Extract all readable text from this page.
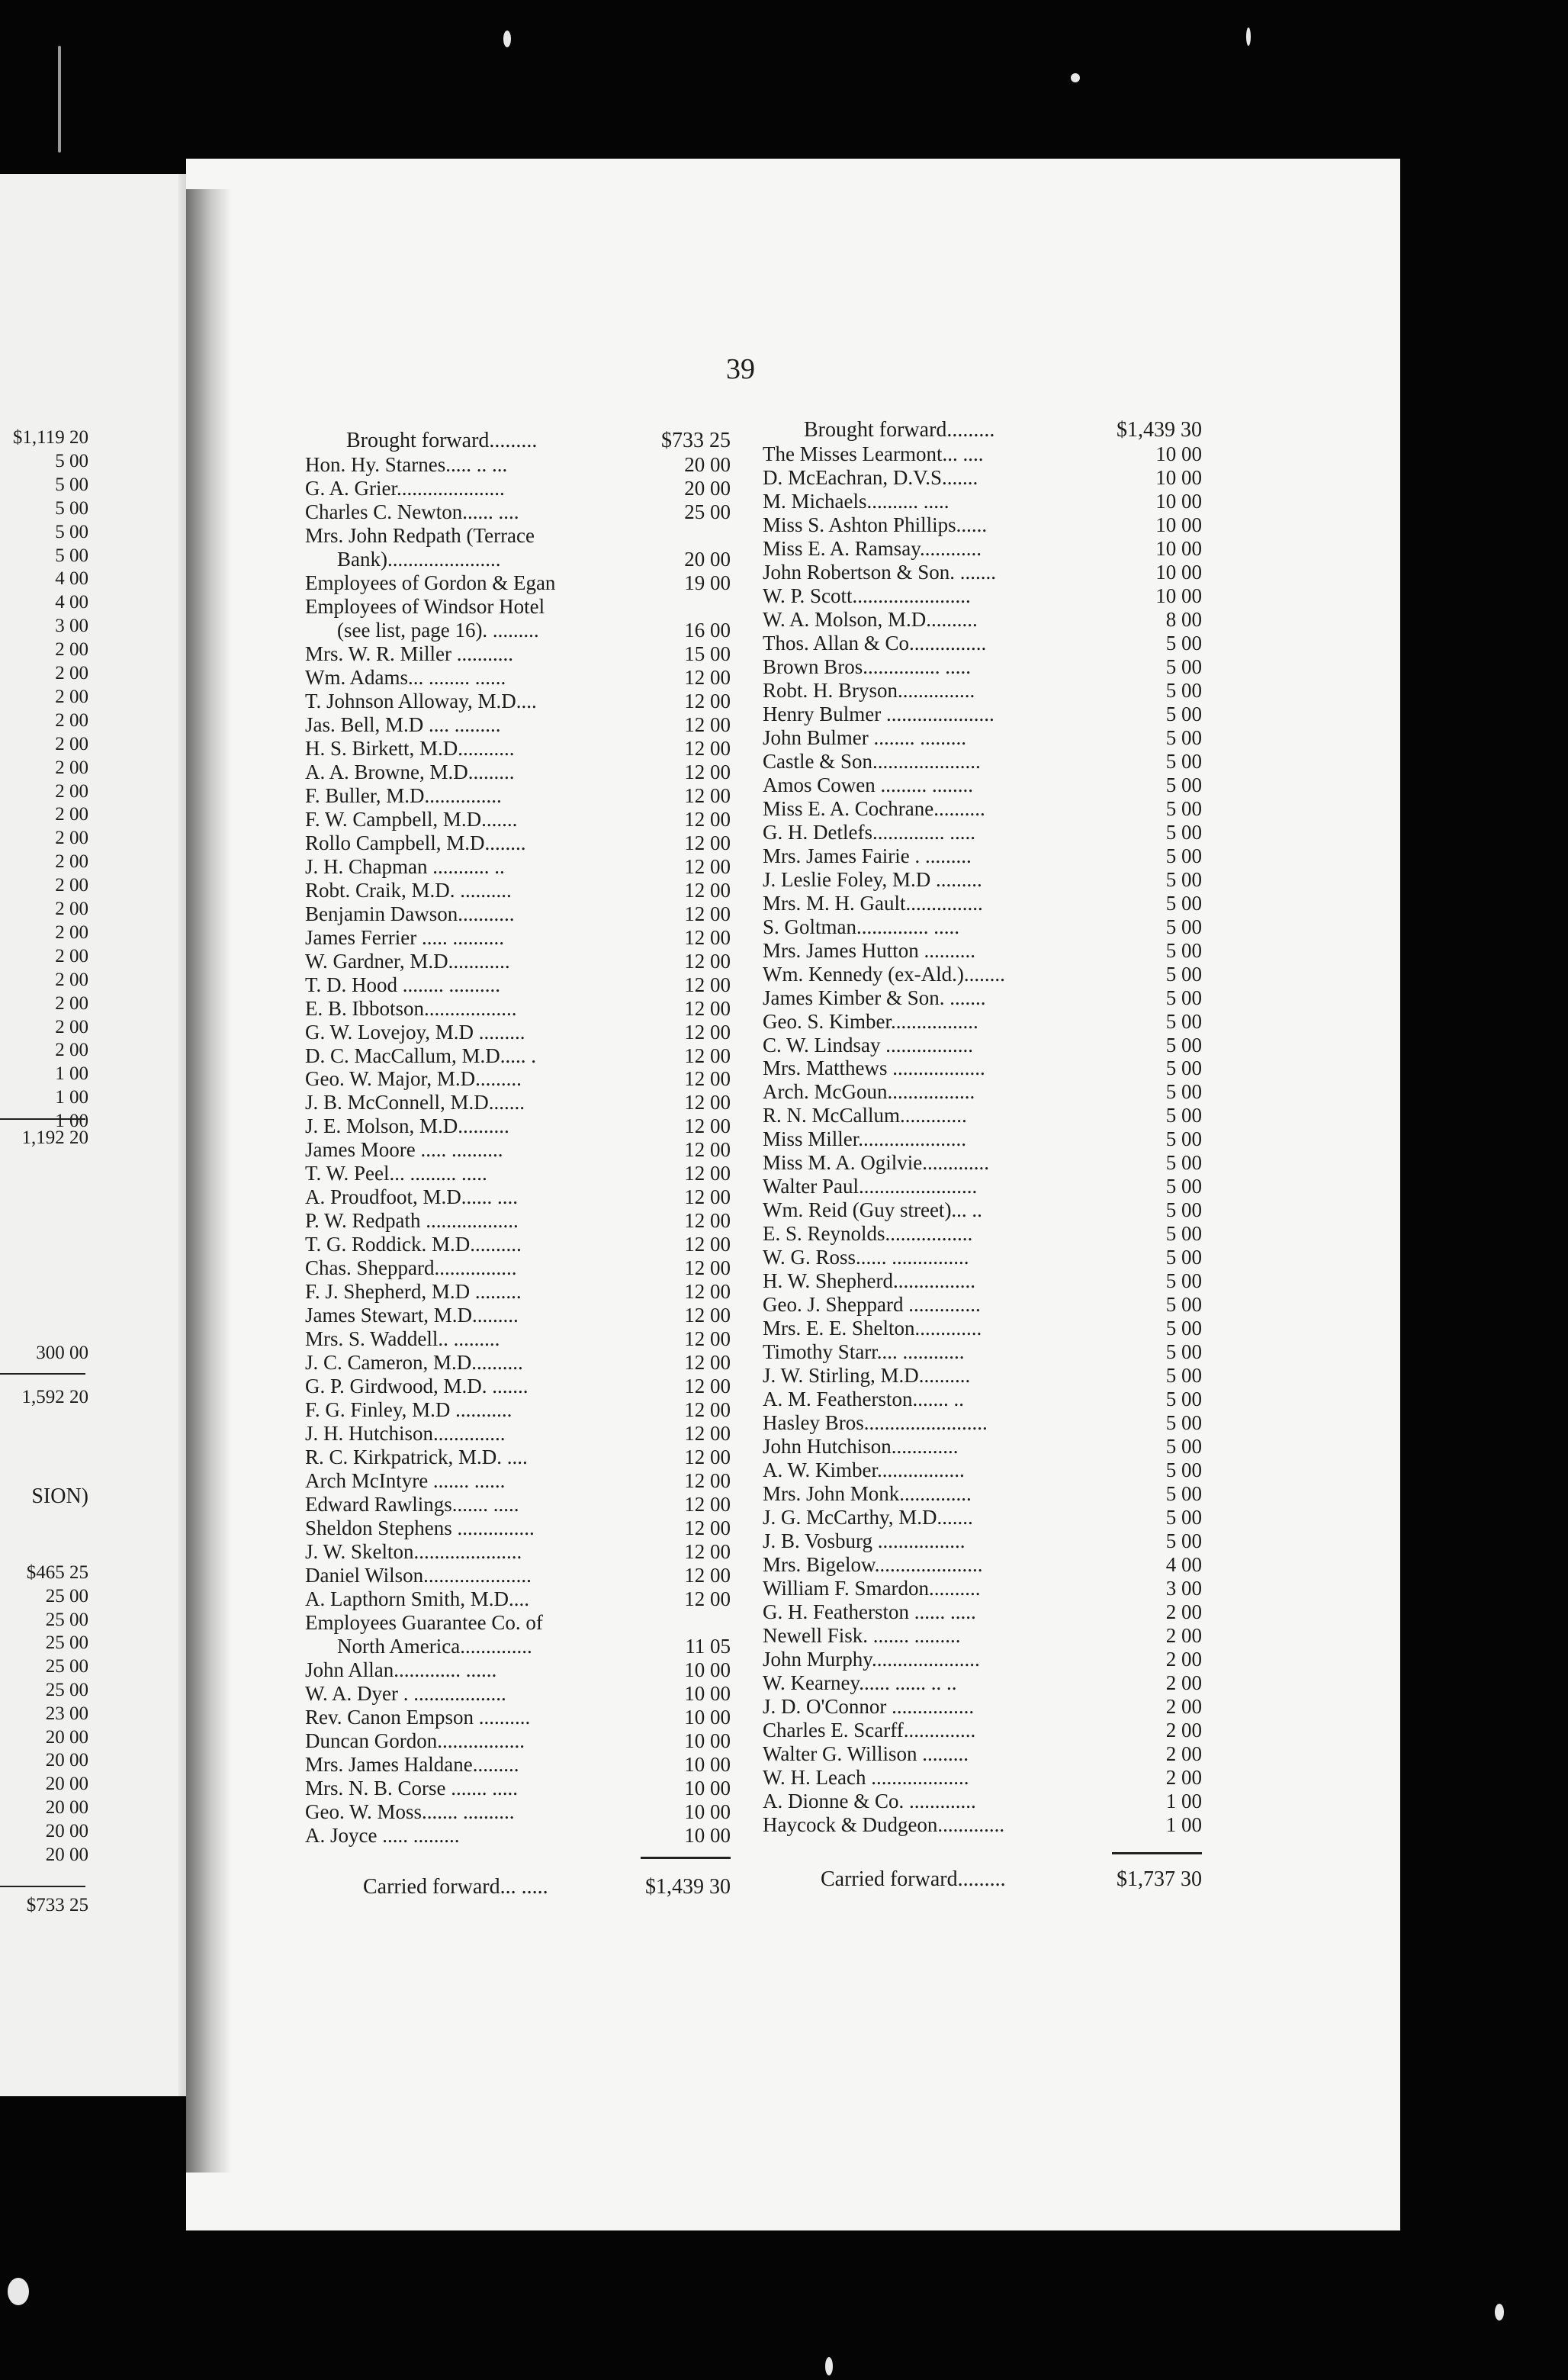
$1,119 20
5 00
5 00
5 00
5 00
5 00
4 00
4 00
3 00
2 00
2 00
2 00
2 00
2 00
2 00
2 00
2 00
2 00
2 00
2 00
2 00
2 00
2 00
2 00
2 00
2 00
2 00
1 00
1 00
1 00
1,192 20
300 00
1,592 20
SION)
$465 25
25 00
25 00
25 00
25 00
25 00
23 00
20 00
20 00
20 00
20 00
20 00
20 00
$733 25
39
Brought forward.........	$733 25
Hon. Hy. Starnes..... .. ...	20 00
G. A. Grier.....................	20 00
Charles C. Newton...... ....	25 00
Mrs. John Redpath (Terrace
Bank)......................	20 00
Employees of Gordon & Egan	19 00
Employees of Windsor Hotel
(see list, page 16). .........	16 00
Mrs. W. R. Miller ...........	15 00
Wm. Adams... ........ ......	12 00
T. Johnson Alloway, M.D....	12 00
Jas. Bell, M.D .... .........	12 00
H. S. Birkett, M.D...........	12 00
A. A. Browne, M.D.........	12 00
F. Buller, M.D...............	12 00
F. W. Campbell, M.D.......	12 00
Rollo Campbell, M.D........	12 00
J. H. Chapman ........... ..	12 00
Robt. Craik, M.D. ..........	12 00
Benjamin Dawson...........	12 00
James Ferrier ..... ..........	12 00
W. Gardner, M.D............	12 00
T. D. Hood ........ ..........	12 00
E. B. Ibbotson..................	12 00
G. W. Lovejoy, M.D .........	12 00
D. C. MacCallum, M.D..... .	12 00
Geo. W. Major, M.D.........	12 00
J. B. McConnell, M.D.......	12 00
J. E. Molson, M.D..........	12 00
James Moore ..... ..........	12 00
T. W. Peel... ......... .....	12 00
A. Proudfoot, M.D...... ....	12 00
P. W. Redpath ..................	12 00
T. G. Roddick. M.D..........	12 00
Chas. Sheppard................	12 00
F. J. Shepherd, M.D .........	12 00
James Stewart, M.D.........	12 00
Mrs. S. Waddell.. .........	12 00
J. C. Cameron, M.D..........	12 00
G. P. Girdwood, M.D. .......	12 00
F. G. Finley, M.D ...........	12 00
J. H. Hutchison..............	12 00
R. C. Kirkpatrick, M.D. ....	12 00
Arch McIntyre ....... ......	12 00
Edward Rawlings....... .....	12 00
Sheldon Stephens ...............	12 00
J. W. Skelton.....................	12 00
Daniel Wilson.....................	12 00
A. Lapthorn Smith, M.D....	12 00
Employees Guarantee Co. of
North America..............	11 05
John Allan............. ......	10 00
W. A. Dyer . ..................	10 00
Rev. Canon Empson ..........	10 00
Duncan Gordon.................	10 00
Mrs. James Haldane.........	10 00
Mrs. N. B. Corse ....... .....	10 00
Geo. W. Moss....... ..........	10 00
A. Joyce ..... .........	10 00
Carried forward... .....	$1,439 30
Brought forward.........	$1,439 30
The Misses Learmont... ....	10 00
D. McEachran, D.V.S.......	10 00
M. Michaels.......... .....	10 00
Miss S. Ashton Phillips......	10 00
Miss E. A. Ramsay............	10 00
John Robertson & Son. .......	10 00
W. P. Scott.......................	10 00
W. A. Molson, M.D..........	8 00
Thos. Allan & Co...............	5 00
Brown Bros............... .....	5 00
Robt. H. Bryson...............	5 00
Henry Bulmer .....................	5 00
John Bulmer ........ .........	5 00
Castle & Son.....................	5 00
Amos Cowen ......... ........	5 00
Miss E. A. Cochrane..........	5 00
G. H. Detlefs.............. .....	5 00
Mrs. James Fairie . .........	5 00
J. Leslie Foley, M.D .........	5 00
Mrs. M. H. Gault...............	5 00
S. Goltman.............. .....	5 00
Mrs. James Hutton ..........	5 00
Wm. Kennedy (ex-Ald.)........	5 00
James Kimber & Son. .......	5 00
Geo. S. Kimber.................	5 00
C. W. Lindsay .................	5 00
Mrs. Matthews ..................	5 00
Arch. McGoun.................	5 00
R. N. McCallum.............	5 00
Miss Miller.....................	5 00
Miss M. A. Ogilvie.............	5 00
Walter Paul.......................	5 00
Wm. Reid (Guy street)... ..	5 00
E. S. Reynolds.................	5 00
W. G. Ross...... ...............	5 00
H. W. Shepherd................	5 00
Geo. J. Sheppard ..............	5 00
Mrs. E. E. Shelton.............	5 00
Timothy Starr.... ............	5 00
J. W. Stirling, M.D..........	5 00
A. M. Featherston....... ..	5 00
Hasley Bros........................	5 00
John Hutchison.............	5 00
A. W. Kimber.................	5 00
Mrs. John Monk..............	5 00
J. G. McCarthy, M.D.......	5 00
J. B. Vosburg .................	5 00
Mrs. Bigelow.....................	4 00
William F. Smardon..........	3 00
G. H. Featherston ...... .....	2 00
Newell Fisk. ....... .........	2 00
John Murphy.....................	2 00
W. Kearney...... ...... .. ..	2 00
J. D. O'Connor ................	2 00
Charles E. Scarff..............	2 00
Walter G. Willison .........	2 00
W. H. Leach ...................	2 00
A. Dionne & Co. .............	1 00
Haycock & Dudgeon.............	1 00
Carried forward.........	$1,737 30
